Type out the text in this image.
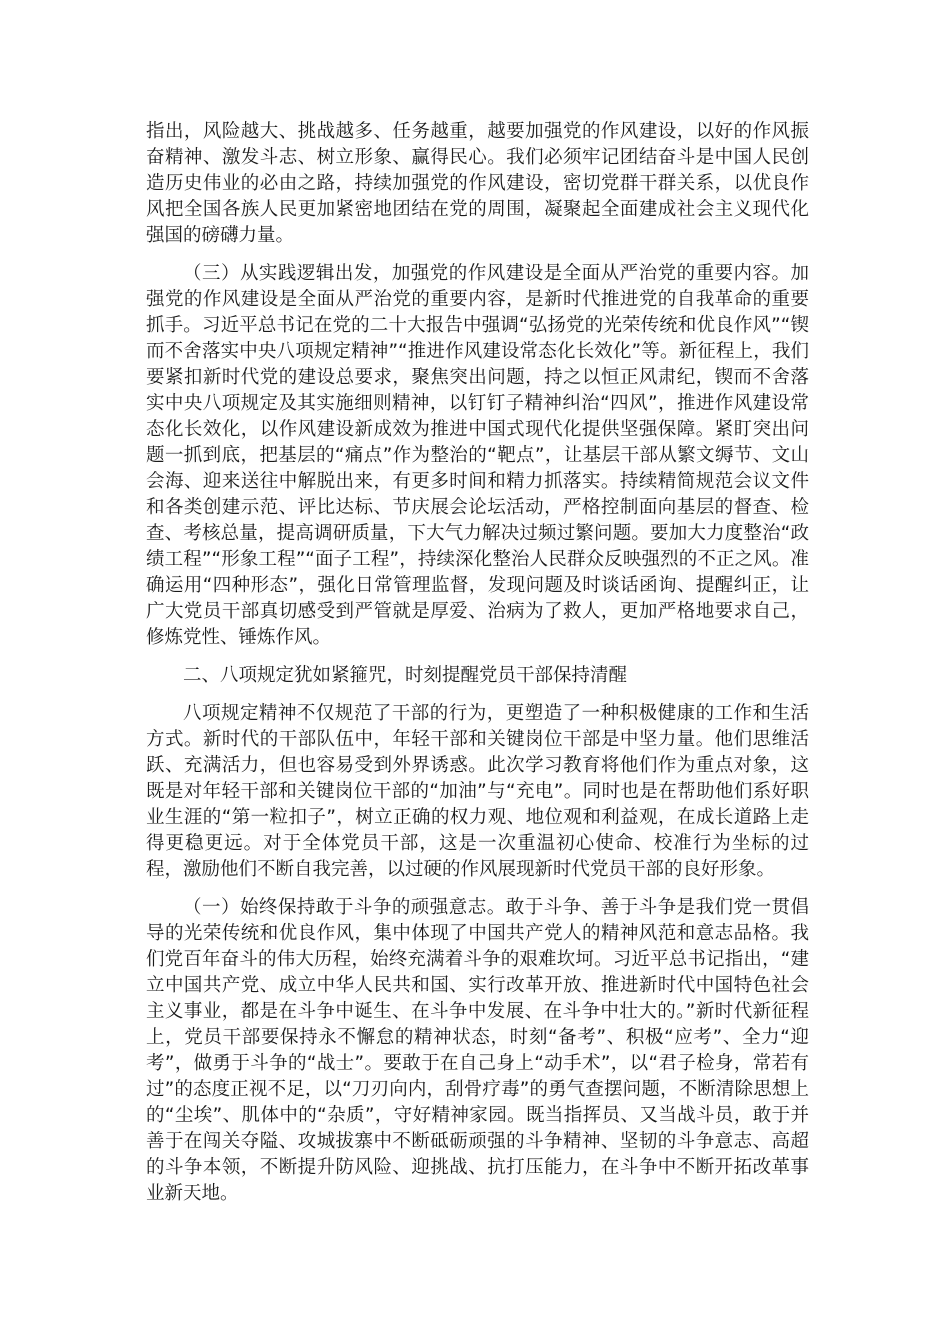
指出，风险越大、挑战越多、任务越重，越要加强党的作风建设，以好的作风振奋精神、激发斗志、树立形象、赢得民心。我们必须牢记团结奋斗是中国人民创造历史伟业的必由之路，持续加强党的作风建设，密切党群干群关系，以优良作风把全国各族人民更加紧密地团结在党的周围，凝聚起全面建成社会主义现代化强国的磅礴力量。

（三）从实践逻辑出发，加强党的作风建设是全面从严治党的重要内容。加强党的作风建设是全面从严治党的重要内容，是新时代推进党的自我革命的重要抓手。习近平总书记在党的二十大报告中强调“弘扬党的光荣传统和优良作风”“锲而不舍落实中央八项规定精神”“推进作风建设常态化长效化”等。新征程上，我们要紧扣新时代党的建设总要求，聚焦突出问题，持之以恒正风肃纪，锲而不舍落实中央八项规定及其实施细则精神，以钉钉子精神纠治“四风”，推进作风建设常态化长效化，以作风建设新成效为推进中国式现代化提供坚强保障。紧盯突出问题一抓到底，把基层的“痛点”作为整治的“靶点”，让基层干部从繁文缛节、文山会海、迎来送往中解脱出来，有更多时间和精力抓落实。持续精简规范会议文件和各类创建示范、评比达标、节庆展会论坛活动，严格控制面向基层的督查、检查、考核总量，提高调研质量，下大气力解决过频过繁问题。要加大力度整治“政绩工程”“形象工程”“面子工程”，持续深化整治人民群众反映强烈的不正之风。准确运用“四种形态”，强化日常管理监督，发现问题及时谈话函询、提醒纠正，让广大党员干部真切感受到严管就是厚爱、治病为了救人，更加严格地要求自己，修炼党性、锤炼作风。

二、八项规定犹如紧箍咒，时刻提醒党员干部保持清醒

八项规定精神不仅规范了干部的行为，更塑造了一种积极健康的工作和生活方式。新时代的干部队伍中，年轻干部和关键岗位干部是中坚力量。他们思维活跃、充满活力，但也容易受到外界诱惑。此次学习教育将他们作为重点对象，这既是对年轻干部和关键岗位干部的“加油”与“充电”。同时也是在帮助他们系好职业生涯的“第一粒扣子”，树立正确的权力观、地位观和利益观，在成长道路上走得更稳更远。对于全体党员干部，这是一次重温初心使命、校准行为坐标的过程，激励他们不断自我完善，以过硬的作风展现新时代党员干部的良好形象。

（一）始终保持敢于斗争的顽强意志。敢于斗争、善于斗争是我们党一贯倡导的光荣传统和优良作风，集中体现了中国共产党人的精神风范和意志品格。我们党百年奋斗的伟大历程，始终充满着斗争的艰难坎坷。习近平总书记指出，“建立中国共产党、成立中华人民共和国、实行改革开放、推进新时代中国特色社会主义事业，都是在斗争中诞生、在斗争中发展、在斗争中壮大的。”新时代新征程上，党员干部要保持永不懈怠的精神状态，时刻“备考”、积极“应考”、全力“迎考”，做勇于斗争的“战士”。要敢于在自己身上“动手术”，以“君子检身，常若有过”的态度正视不足，以“刀刃向内，刮骨疗毒”的勇气查摆问题，不断清除思想上的“尘埃”、肌体中的“杂质”，守好精神家园。既当指挥员、又当战斗员，敢于并善于在闯关夺隘、攻城拔寨中不断砥砺顽强的斗争精神、坚韧的斗争意志、高超的斗争本领，不断提升防风险、迎挑战、抗打压能力，在斗争中不断开拓改革事业新天地。
